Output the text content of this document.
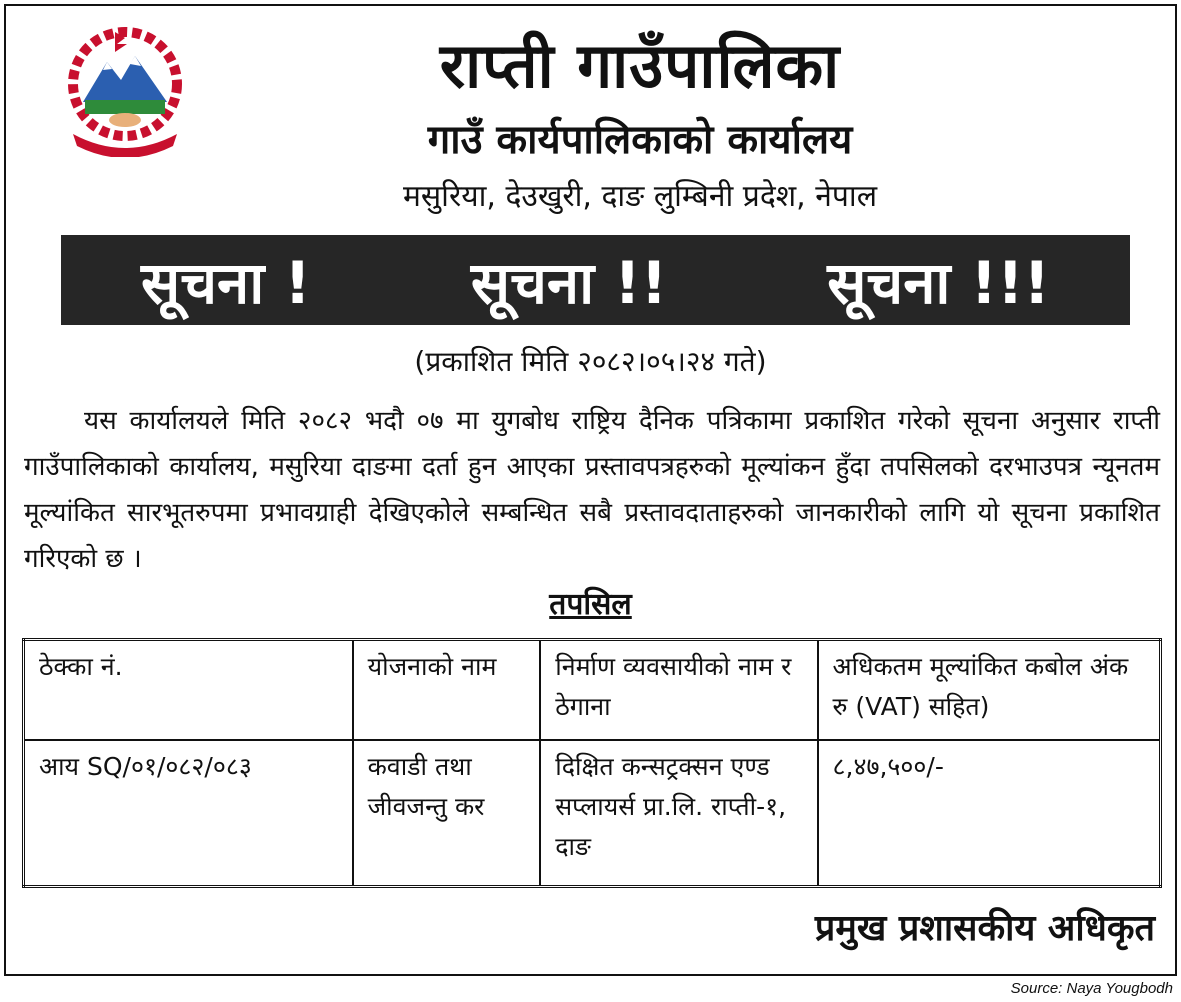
राप्ती गाउँपालिका
गाउँ कार्यपालिकाको कार्यालय
मसुरिया, देउखुरी, दाङ लुम्बिनी प्रदेश, नेपाल
सूचना !	सूचना !!	सूचना !!!
(प्रकाशित मिति २०८२।०५।२४ गते)
यस कार्यालयले मिति २०८२ भदौ ०७ मा युगबोध राष्ट्रिय दैनिक पत्रिकामा प्रकाशित गरेको सूचना अनुसार राप्ती गाउँपालिकाको कार्यालय, मसुरिया दाङमा दर्ता हुन आएका प्रस्तावपत्रहरुको मूल्यांकन हुँदा तपसिलको दरभाउपत्र न्यूनतम मूल्यांकित सारभूतरुपमा प्रभावग्राही देखिएकोले सम्बन्धित सबै प्रस्तावदाताहरुको जानकारीको लागि यो सूचना प्रकाशित गरिएको छ ।
तपसिल
ठेक्का नं.	योजनाको नाम	निर्माण व्यवसायीको नाम र ठेगाना	अधिकतम मूल्यांकित कबोल अंक रु (VAT) सहित)
आय SQ/०१/०८२/०८३	कवाडी तथा जीवजन्तु कर	दिक्षित कन्सट्रक्सन एण्ड सप्लायर्स प्रा.लि. राप्ती-१, दाङ	८,४७,५००/-
प्रमुख प्रशासकीय अधिकृत
Source: Naya Yougbodh
